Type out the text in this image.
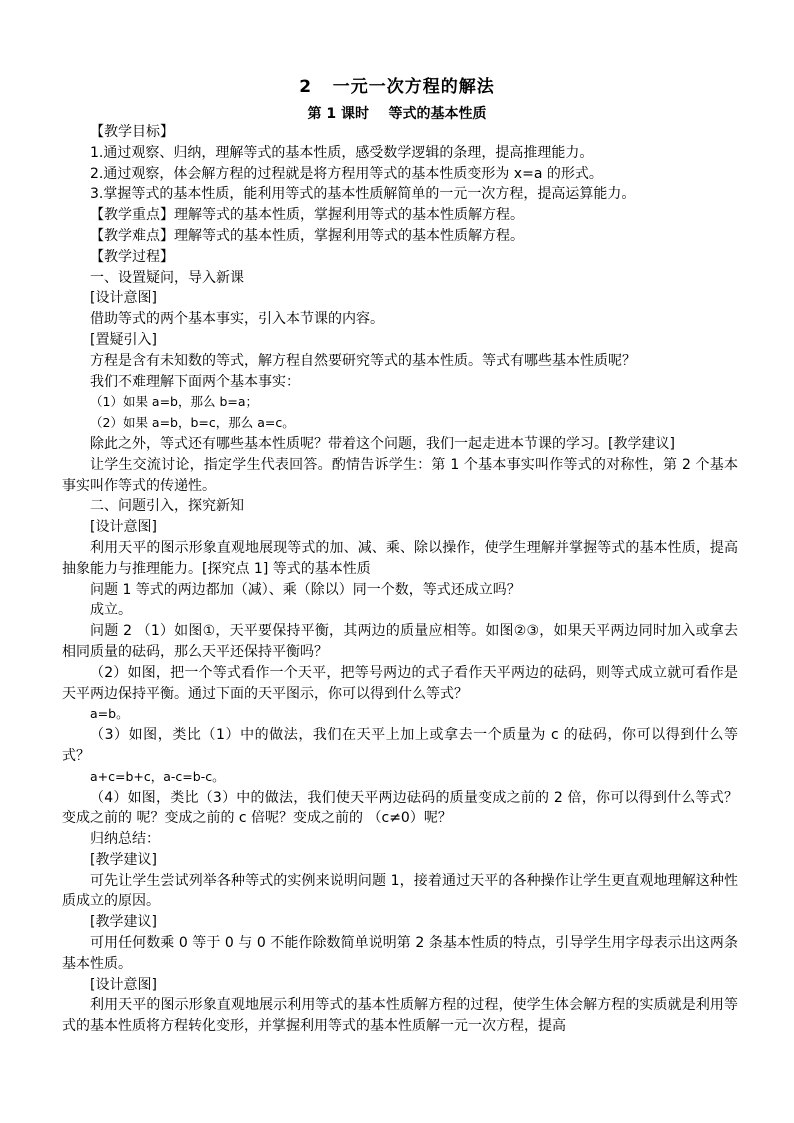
2   一元一次方程的解法
第 1 课时    等式的基本性质

【教学目标】

1.通过观察、归纳，理解等式的基本性质，感受数学逻辑的条理，提高推理能力。

2.通过观察，体会解方程的过程就是将方程用等式的基本性质变形为 x=a 的形式。

3.掌握等式的基本性质，能利用等式的基本性质解简单的一元一次方程，提高运算能力。

【教学重点】理解等式的基本性质，掌握利用等式的基本性质解方程。

【教学难点】理解等式的基本性质，掌握利用等式的基本性质解方程。

【教学过程】

一、设置疑问，导入新课

[设计意图]

借助等式的两个基本事实，引入本节课的内容。

[置疑引入]

方程是含有未知数的等式，解方程自然要研究等式的基本性质。等式有哪些基本性质呢？

我们不难理解下面两个基本事实：

（1）如果 a=b，那么 b=a；

（2）如果 a=b，b=c，那么 a=c。

除此之外，等式还有哪些基本性质呢？带着这个问题，我们一起走进本节课的学习。[教学建议]

让学生交流讨论，指定学生代表回答。酌情告诉学生：第 1 个基本事实叫作等式的对称性，第 2 个基本事实叫作等式的传递性。

二、问题引入，探究新知

[设计意图]

利用天平的图示形象直观地展现等式的加、减、乘、除以操作，使学生理解并掌握等式的基本性质，提高抽象能力与推理能力。[探究点 1] 等式的基本性质

问题 1 等式的两边都加（减）、乘（除以）同一个数，等式还成立吗？

成立。

问题 2 （1）如图①，天平要保持平衡，其两边的质量应相等。如图②③，如果天平两边同时加入或拿去相同质量的砝码，那么天平还保持平衡吗？

（2）如图，把一个等式看作一个天平，把等号两边的式子看作天平两边的砝码，则等式成立就可看作是天平两边保持平衡。通过下面的天平图示，你可以得到什么等式？

a=b。

（3）如图，类比（1）中的做法，我们在天平上加上或拿去一个质量为 c 的砝码，你可以得到什么等式？

a+c=b+c，a-c=b-c。

（4）如图，类比（3）中的做法，我们使天平两边砝码的质量变成之前的 2 倍，你可以得到什么等式？变成之前的 呢？变成之前的 c 倍呢？变成之前的 （c≠0）呢？

归纳总结：

[教学建议]

可先让学生尝试列举各种等式的实例来说明问题 1，接着通过天平的各种操作让学生更直观地理解这种性质成立的原因。

[教学建议]

可用任何数乘 0 等于 0 与 0 不能作除数简单说明第 2 条基本性质的特点，引导学生用字母表示出这两条基本性质。

[设计意图]

利用天平的图示形象直观地展示利用等式的基本性质解方程的过程，使学生体会解方程的实质就是利用等式的基本性质将方程转化变形，并掌握利用等式的基本性质解一元一次方程，提高
